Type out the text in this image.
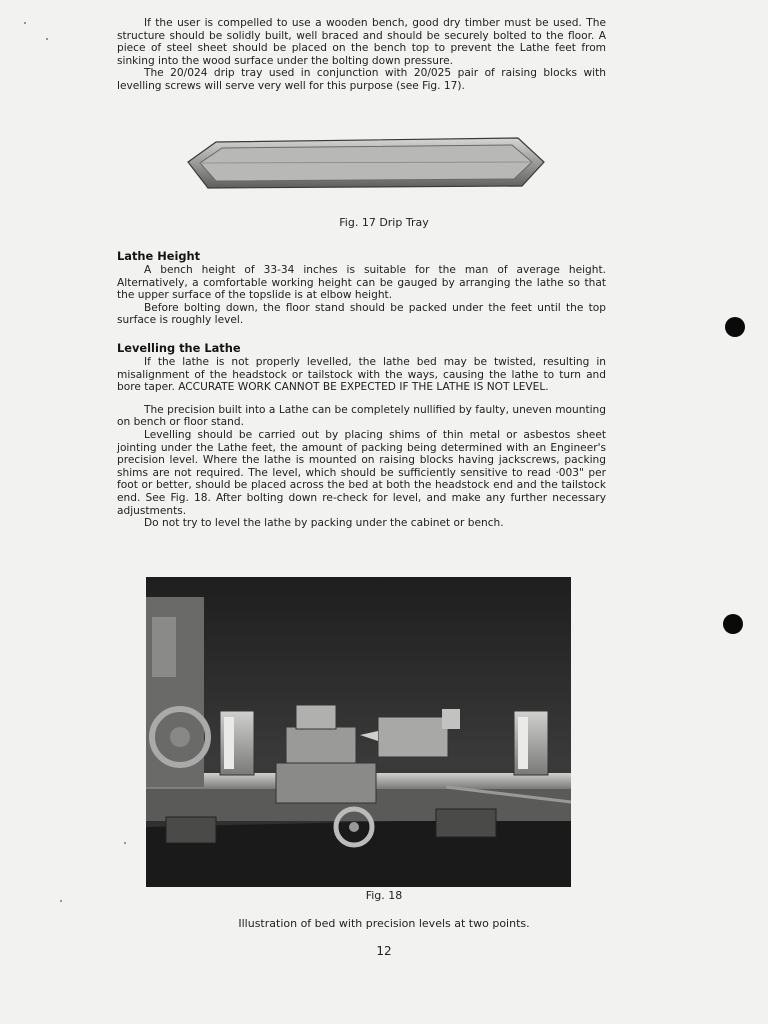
If the user is compelled to use a wooden bench, good dry timber must be used. The structure should be solidly built, well braced and should be securely bolted to the floor. A piece of steel sheet should be placed on the bench top to prevent the Lathe feet from sinking into the wood surface under the bolting down pressure.

The 20/024 drip tray used in conjunction with 20/025 pair of raising blocks with levelling screws will serve very well for this purpose (see Fig. 17).

Fig. 17 Drip Tray
Lathe Height

A bench height of 33-34 inches is suitable for the man of average height. Alternatively, a comfortable working height can be gauged by arranging the lathe so that the upper surface of the topslide is at elbow height.

Before bolting down, the floor stand should be packed under the feet until the top surface is roughly level.

Levelling the Lathe

If the lathe is not properly levelled, the lathe bed may be twisted, resulting in misalignment of the headstock or tailstock with the ways, causing the lathe to turn and bore taper. ACCURATE WORK CANNOT BE EXPECTED IF THE LATHE IS NOT LEVEL.

The precision built into a Lathe can be completely nullified by faulty, uneven mounting on bench or floor stand.

Levelling should be carried out by placing shims of thin metal or asbestos sheet jointing under the Lathe feet, the amount of packing being determined with an Engineer's precision level. Where the lathe is mounted on raising blocks having jackscrews, packing shims are not required. The level, which should be sufficiently sensitive to read ·003" per foot or better, should be placed across the bed at both the headstock end and the tailstock end. See Fig. 18. After bolting down re-check for level, and make any further necessary adjustments.

Do not try to level the lathe by packing under the cabinet or bench.

Fig. 18
Illustration of bed with precision levels at two points.
12
